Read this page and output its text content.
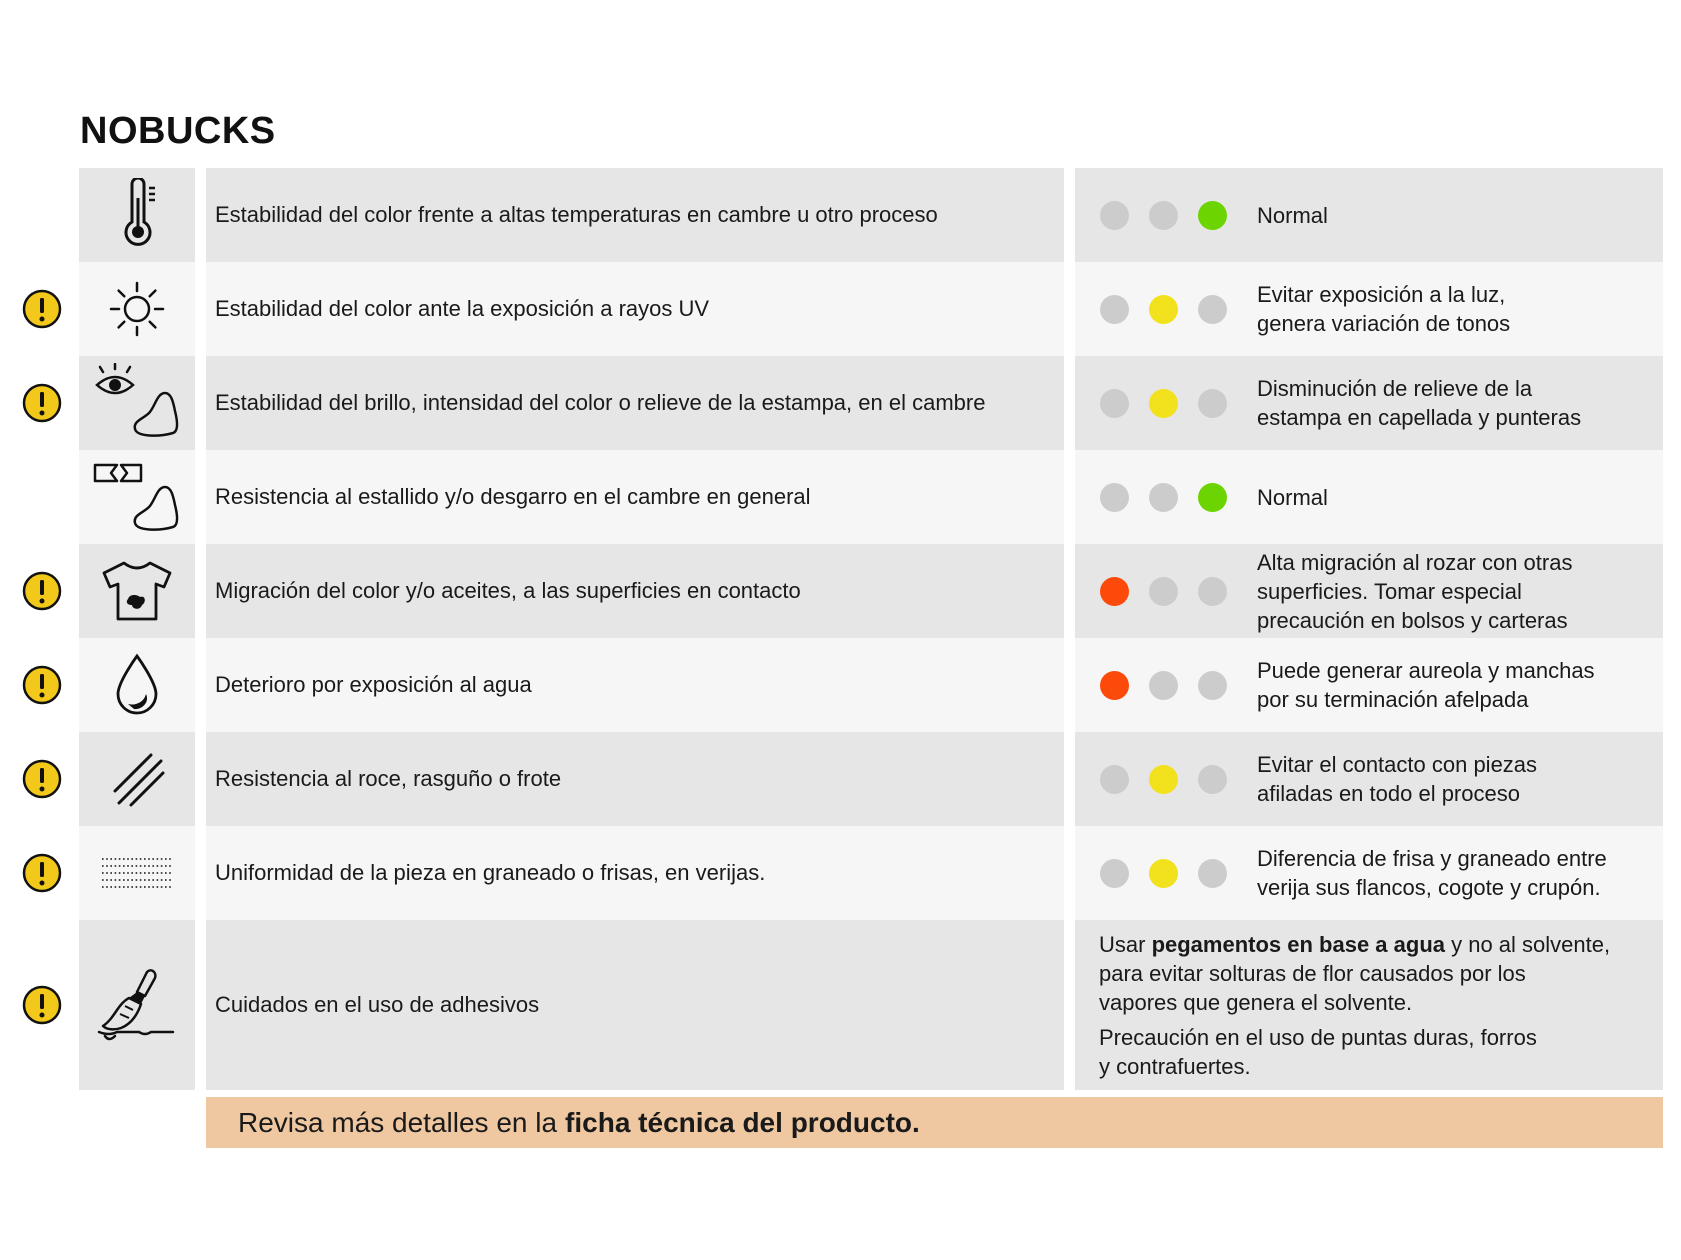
NOBUCKS
Estabilidad del color frente a altas temperaturas en cambre u otro proceso	Normal
Estabilidad del color ante la exposición a rayos UV
Evitar exposición a la luz,
genera variación de tonos
Estabilidad del brillo, intensidad del color o relieve de la estampa, en el cambre
Disminución de relieve de la
estampa en capellada y punteras
Resistencia al estallido y/o desgarro en el cambre en general	Normal
Migración del color y/o aceites, a las superficies en contacto
Alta migración al rozar con otras
superficies. Tomar especial
precaución en bolsos y carteras
Deterioro por exposición al agua
Puede generar aureola y manchas
por su terminación afelpada
Resistencia al roce, rasguño o frote
Evitar el contacto con piezas
afiladas en todo el proceso
Uniformidad de la pieza en graneado o frisas, en verijas.
Diferencia de frisa y graneado entre
verija sus flancos, cogote y crupón.
Cuidados en el uso de adhesivos
Usar pegamentos en base a agua y no al solvente,
para evitar solturas de flor causados por los
vapores que genera el solvente.
Precaución en el uso de puntas duras, forros
y contrafuertes.
Revisa más detalles en la ficha técnica del producto.
